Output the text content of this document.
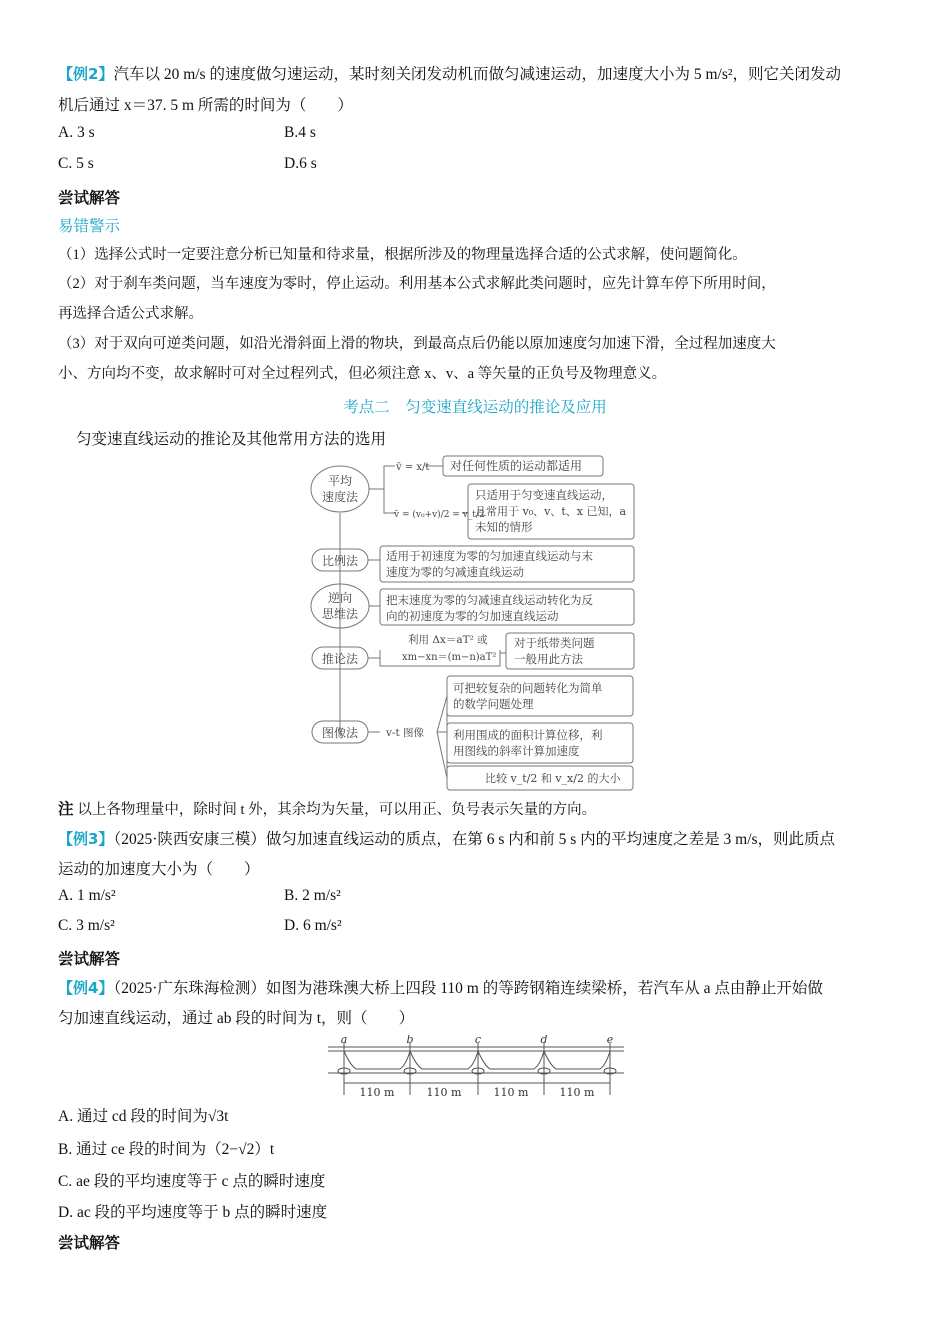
【例2】汽车以 20 m/s 的速度做匀速运动，某时刻关闭发动机而做匀减速运动，加速度大小为 5 m/s²，则它关闭发动
机后通过 x＝37. 5 m 所需的时间为（　　）
A. 3 s	B.4 s
C. 5 s	D.6 s
尝试解答
易错警示
（1）选择公式时一定要注意分析已知量和待求量，根据所涉及的物理量选择合适的公式求解，使问题简化。
（2）对于刹车类问题，当车速度为零时，停止运动。利用基本公式求解此类问题时，应先计算车停下所用时间，
再选择合适公式求解。
（3）对于双向可逆类问题，如沿光滑斜面上滑的物块，到最高点后仍能以原加速度匀加速下滑，全过程加速度大
小、方向均不变，故求解时可对全过程列式，但必须注意 x、v、a 等矢量的正负号及物理意义。
考点二　匀变速直线运动的推论及应用
匀变速直线运动的推论及其他常用方法的选用
平均
速度法
v̄ = x/t 对任何性质的运动都适用
v̄ = (v₀+v)/2 = v_t/2
只适用于匀变速直线运动，
且常用于 v₀、v、t、x 已知，a
未知的情形
比例法 适用于初速度为零的匀加速直线运动与末
速度为零的匀减速直线运动
逆向
思维法
把末速度为零的匀减速直线运动转化为反
向的初速度为零的匀加速直线运动
推论法
利用 Δx＝aT² 或
xm−xn＝(m−n)aT²
对于纸带类问题
一般用此方法
图像法	v-t 图像
可把较复杂的问题转化为简单
的数学问题处理
利用围成的面积计算位移，利
用图线的斜率计算加速度
比较 v_t/2 和 v_x/2 的大小
注 以上各物理量中，除时间 t 外，其余均为矢量，可以用正、负号表示矢量的方向。
【例3】（2025·陕西安康三模）做匀加速直线运动的质点，在第 6 s 内和前 5 s 内的平均速度之差是 3 m/s，则此质点
运动的加速度大小为（　　）
A. 1 m/s²	B. 2 m/s²
C. 3 m/s²	D. 6 m/s²
尝试解答
【例4】（2025·广东珠海检测）如图为港珠澳大桥上四段 110 m 的等跨钢箱连续梁桥，若汽车从 a 点由静止开始做
匀加速直线运动，通过 ab 段的时间为 t，则（　　）
a	b	c	d	e
110 m	110 m	110 m	110 m
A. 通过 cd 段的时间为√3t
B. 通过 ce 段的时间为（2−√2）t
C. ae 段的平均速度等于 c 点的瞬时速度
D. ac 段的平均速度等于 b 点的瞬时速度
尝试解答
